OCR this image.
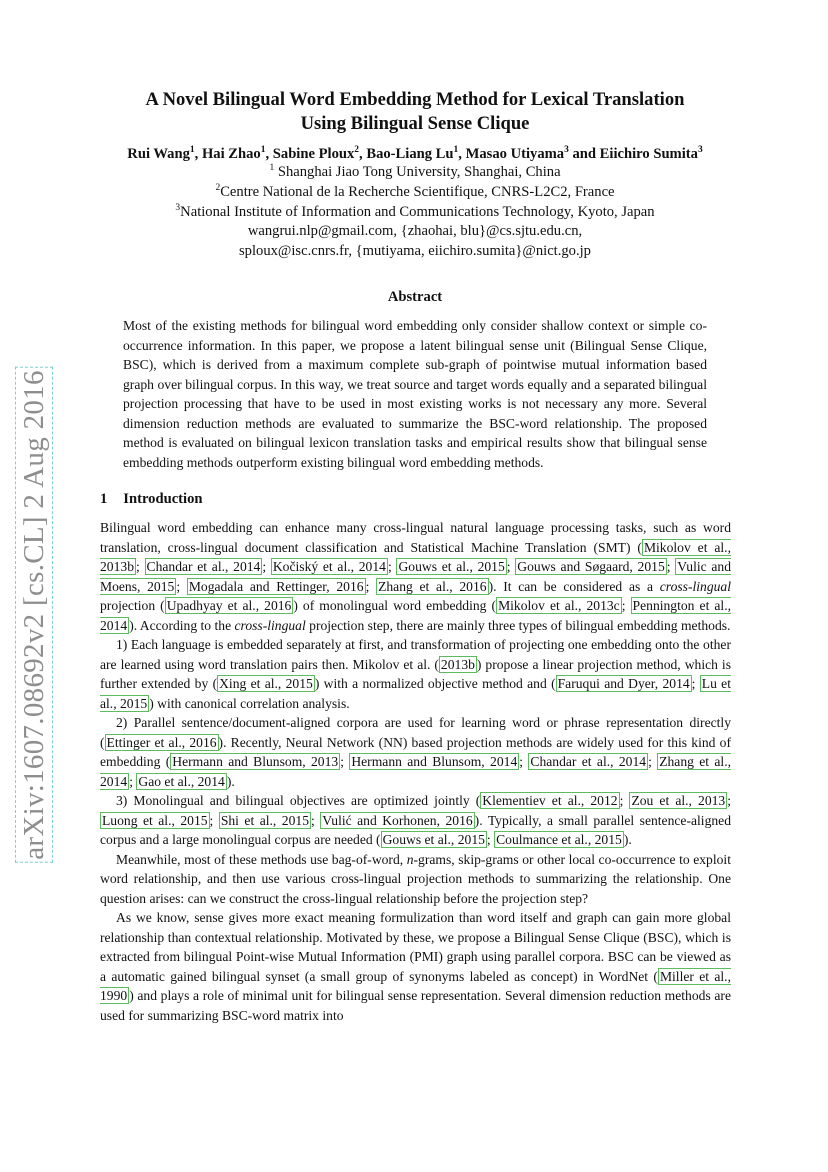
arXiv:1607.08692v2 [cs.CL] 2 Aug 2016
A Novel Bilingual Word Embedding Method for Lexical Translation
Using Bilingual Sense Clique
Rui Wang$^1$, Hai Zhao$^1$, Sabine Ploux$^2$, Bao-Liang Lu$^1$, Masao Utiyama$^3$ and Eiichiro Sumita$^3$
$^1$ Shanghai Jiao Tong University, Shanghai, China
$^2$Centre National de la Recherche Scientifique, CNRS-L2C2, France
$^3$National Institute of Information and Communications Technology, Kyoto, Japan
wangrui.nlp@gmail.com, {zhaohai, blu}@cs.sjtu.edu.cn,
sploux@isc.cnrs.fr, {mutiyama, eiichiro.sumita}@nict.go.jp
Abstract

Most of the existing methods for bilingual word embedding only consider shallow context or simple co-occurrence information. In this paper, we propose a latent bilingual sense unit (Bilingual Sense Clique, BSC), which is derived from a maximum complete sub-graph of pointwise mutual information based graph over bilingual corpus. In this way, we treat source and target words equally and a separated bilingual projection processing that have to be used in most existing works is not necessary any more. Several dimension reduction methods are evaluated to summarize the BSC-word relationship. The proposed method is evaluated on bilingual lexicon translation tasks and empirical results show that bilingual sense embedding methods outperform existing bilingual word embedding methods.

1 Introduction

Bilingual word embedding can enhance many cross-lingual natural language processing tasks, such as word translation, cross-lingual document classification and Statistical Machine Translation (SMT) ( Mikolov et al., 2013b ; Chandar et al., 2014 ; Kočiský et al., 2014 ; Gouws et al., 2015 ; Gouws and Søgaard, 2015 ; Vulic and Moens, 2015 ; Mogadala and Rettinger, 2016 ; Zhang et al., 2016 ). It can be considered as a cross-lingual projection ( Upadhyay et al., 2016 ) of monolingual word embedding ( Mikolov et al., 2013c ; Pennington et al., 2014 ). According to the cross-lingual projection step, there are mainly three types of bilingual embedding methods.

1) Each language is embedded separately at first, and transformation of projecting one embedding onto the other are learned using word translation pairs then. Mikolov et al. ( 2013b ) propose a linear projection method, which is further extended by ( Xing et al., 2015 ) with a normalized objective method and ( Faruqui and Dyer, 2014 ; Lu et al., 2015 ) with canonical correlation analysis.

2) Parallel sentence/document-aligned corpora are used for learning word or phrase representation directly ( Ettinger et al., 2016 ). Recently, Neural Network (NN) based projection methods are widely used for this kind of embedding ( Hermann and Blunsom, 2013 ; Hermann and Blunsom, 2014 ; Chandar et al., 2014 ; Zhang et al., 2014 ; Gao et al., 2014 ).

3) Monolingual and bilingual objectives are optimized jointly ( Klementiev et al., 2012 ; Zou et al., 2013 ; Luong et al., 2015 ; Shi et al., 2015 ; Vulić and Korhonen, 2016 ). Typically, a small parallel sentence-aligned corpus and a large monolingual corpus are needed ( Gouws et al., 2015 ; Coulmance et al., 2015 ).

Meanwhile, most of these methods use bag-of-word, n-grams, skip-grams or other local co-occurrence to exploit word relationship, and then use various cross-lingual projection methods to summarizing the relationship. One question arises: can we construct the cross-lingual relationship before the projection step?

As we know, sense gives more exact meaning formulization than word itself and graph can gain more global relationship than contextual relationship. Motivated by these, we propose a Bilingual Sense Clique (BSC), which is extracted from bilingual Point-wise Mutual Information (PMI) graph using parallel corpora. BSC can be viewed as a automatic gained bilingual synset (a small group of synonyms labeled as concept) in WordNet ( Miller et al., 1990 ) and plays a role of minimal unit for bilingual sense representation. Several dimension reduction methods are used for summarizing BSC-word matrix into
